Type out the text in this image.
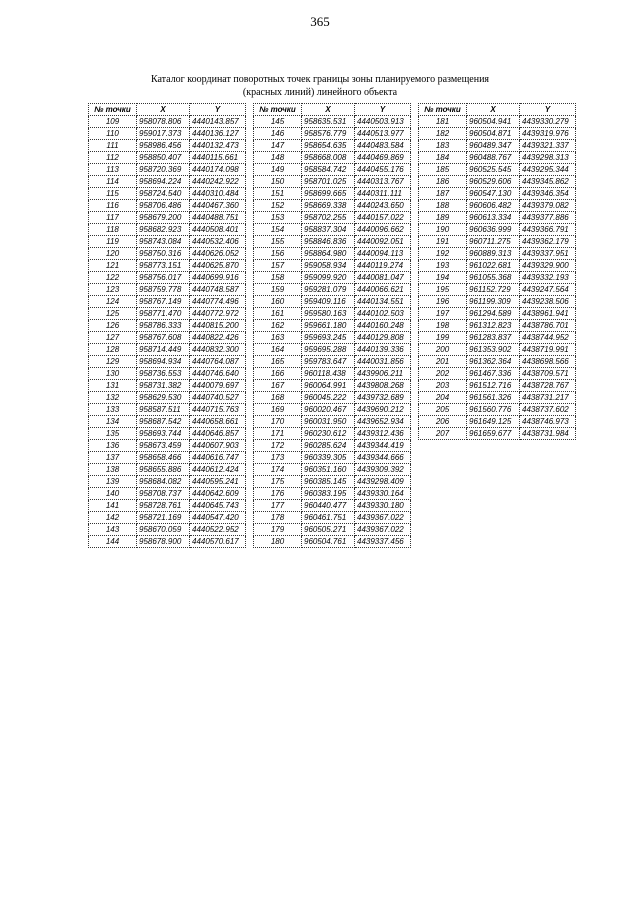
365
Каталог координат поворотных точек границы зоны планируемого размещения
(красных линий) линейного объекта
№ точки	X	Y
109	958078.806	4440143.857
110	959017.373	4440136.127
111	958986.456	4440132.473
112	958850.407	4440115.661
113	958720.369	4440174.098
114	958694.224	4440242.922
115	958724.540	4440310.484
116	958706.486	4440467.360
117	958679.200	4440488.751
118	958682.923	4440508.401
119	958743.084	4440532.406
120	958750.316	4440626.052
121	958773.151	4440625.870
122	958756.017	4440699.916
123	958759.778	4440748.587
124	958767.149	4440774.496
125	958771.470	4440772.972
126	958786.333	4440815.200
127	958767.608	4440822.426
128	958714.449	4440832.300
129	958694.934	4440764.087
130	958736.553	4440746.640
131	958731.382	4440079.697
132	958629.530	4440740.527
133	958587.511	4440715.763
134	958687.542	4440658.661
135	958693.744	4440646.857
136	958673.459	4440607.903
137	958658.466	4440616.747
138	958655.886	4440612.424
139	958684.082	4440595.241
140	958708.737	4440642.609
141	958728.761	4440645.743
142	958721.169	4440547.420
143	958670.059	4440522.952
144	958678.900	4440570.617
№ точки	X	Y
145	958635.531	4440503.913
146	958576.779	4440513.977
147	958654.635	4440483.584
148	958668.008	4440469.869
149	958584.742	4440455.176
150	958701.025	4440313.767
151	958699.665	4440311.111
152	958669.338	4440243.650
153	958702.255	4440157.022
154	958837.304	4440096.662
155	958846.836	4440092.051
156	958864.980	4440094.113
157	959058.934	4440119.274
158	959099.920	4440081.047
159	959281.079	4440066.621
160	959409.116	4440134.551
161	959580.163	4440102.503
162	959661.180	4440160.248
163	959693.245	4440129.808
164	959695.288	4440139.336
165	959783.647	4440031.856
166	960118.438	4439906.211
167	960064.991	4439808.268
168	960045.222	4439732.689
169	960020.467	4439690.212
170	960031.950	4439652.934
171	960230.612	4439312.436
172	960285.624	4439344.419
173	960339.305	4439344.666
174	960351.160	4439309.392
175	960385.145	4439298.409
176	960383.195	4439330.164
177	960440.477	4439330.180
178	960461.751	4439367.022
179	960505.271	4439367.022
180	960504.761	4439337.456
№ точки	X	Y
181	960504.941	4439330.279
182	960504.871	4439319.976
183	960489.347	4439321.337
184	960488.767	4439298.313
185	960525.545	4439295.344
186	960529.606	4439345.862
187	960547.130	4439346.354
188	960606.482	4439379.082
189	960613.334	4439377.886
190	960636.999	4439366.791
191	960711.275	4439362.179
192	960889.313	4439337.951
193	961022.681	4439329.900
194	961055.368	4439332.193
195	961152.729	4439247.564
196	961199.309	4439238.506
197	961294.589	4438961.941
198	961312.823	4438786.701
199	961283.837	4438744.952
200	961353.902	4438719.991
201	961362.364	4438698.566
202	961467.336	4438709.571
203	961512.716	4438728.767
204	961561.326	4438731.217
205	961560.776	4438737.602
206	961649.125	4438746.973
207	961659.677	4438731.984
